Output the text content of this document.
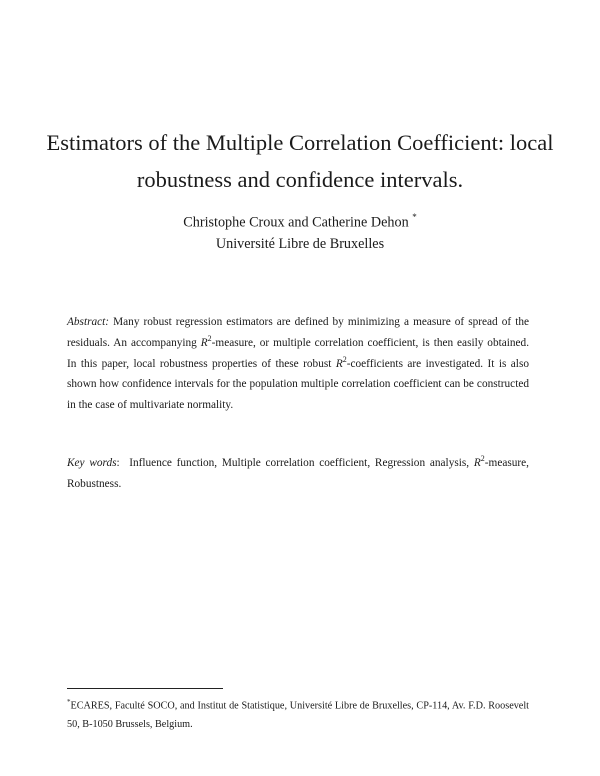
Estimators of the Multiple Correlation Coefficient: local robustness and confidence intervals.
Christophe Croux and Catherine Dehon *
Université Libre de Bruxelles
Abstract: Many robust regression estimators are defined by minimizing a measure of spread of the residuals. An accompanying $R^2$-measure, or multiple correlation coefficient, is then easily obtained. In this paper, local robustness properties of these robust $R^2$-coefficients are investigated. It is also shown how confidence intervals for the population multiple correlation coefficient can be constructed in the case of multivariate normality.
Key words: Influence function, Multiple correlation coefficient, Regression analysis, $R^2$-measure, Robustness.
*ECARES, Faculté SOCO, and Institut de Statistique, Université Libre de Bruxelles, CP-114, Av. F.D. Roosevelt 50, B-1050 Brussels, Belgium.
